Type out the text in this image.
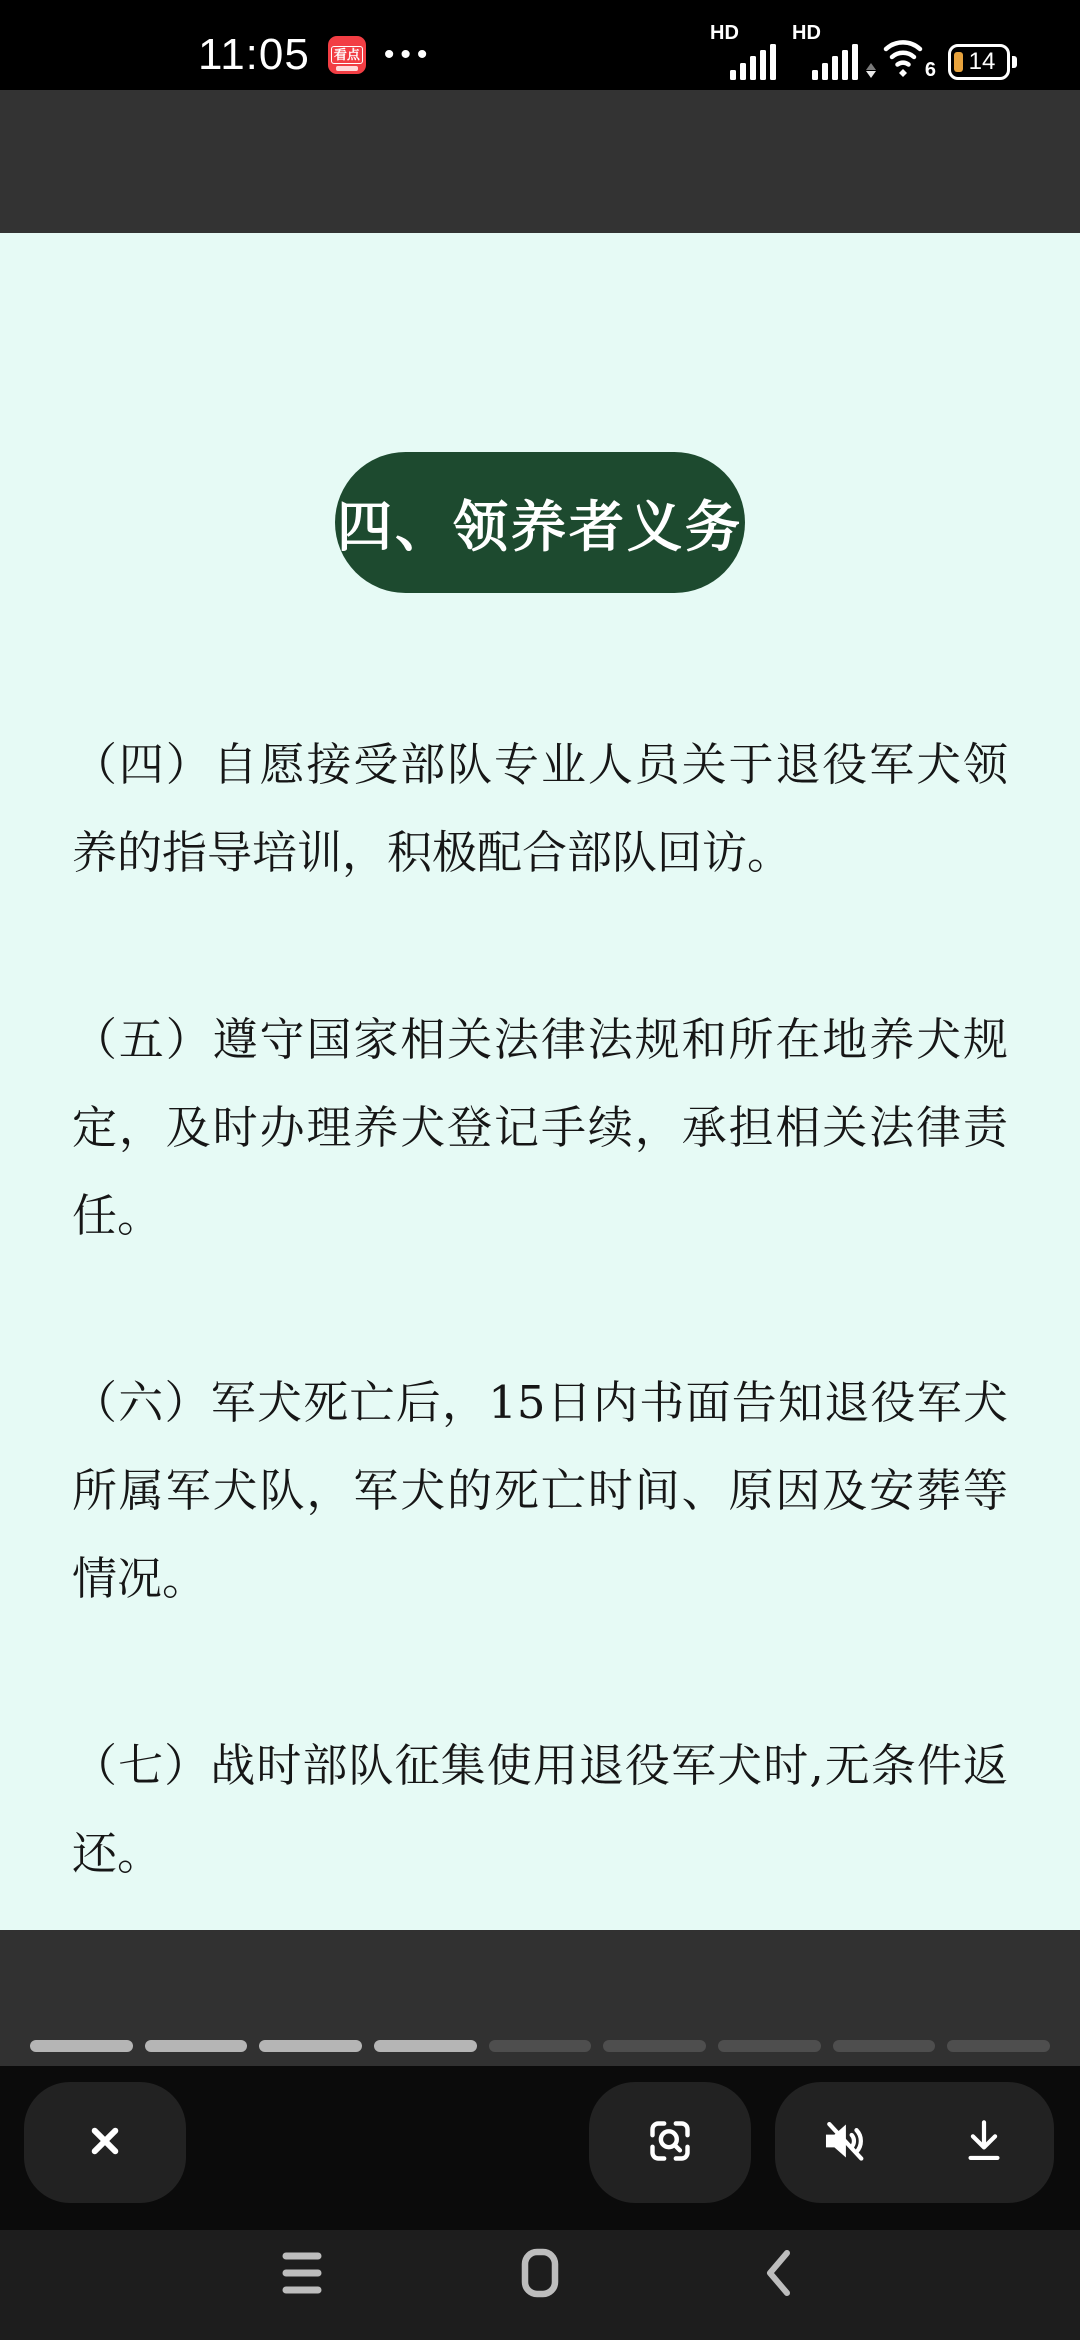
11:05 看点 •••
HD	HD
6 14
四、领养者义务

（四）自愿接受部队专业人员关于退役军犬领养的指导培训，积极配合部队回访。

（五）遵守国家相关法律法规和所在地养犬规定，及时办理养犬登记手续，承担相关法律责任。

（六）军犬死亡后，15日内书面告知退役军犬所属军犬队，军犬的死亡时间、原因及安葬等情况。

（七）战时部队征集使用退役军犬时,无条件返还。
